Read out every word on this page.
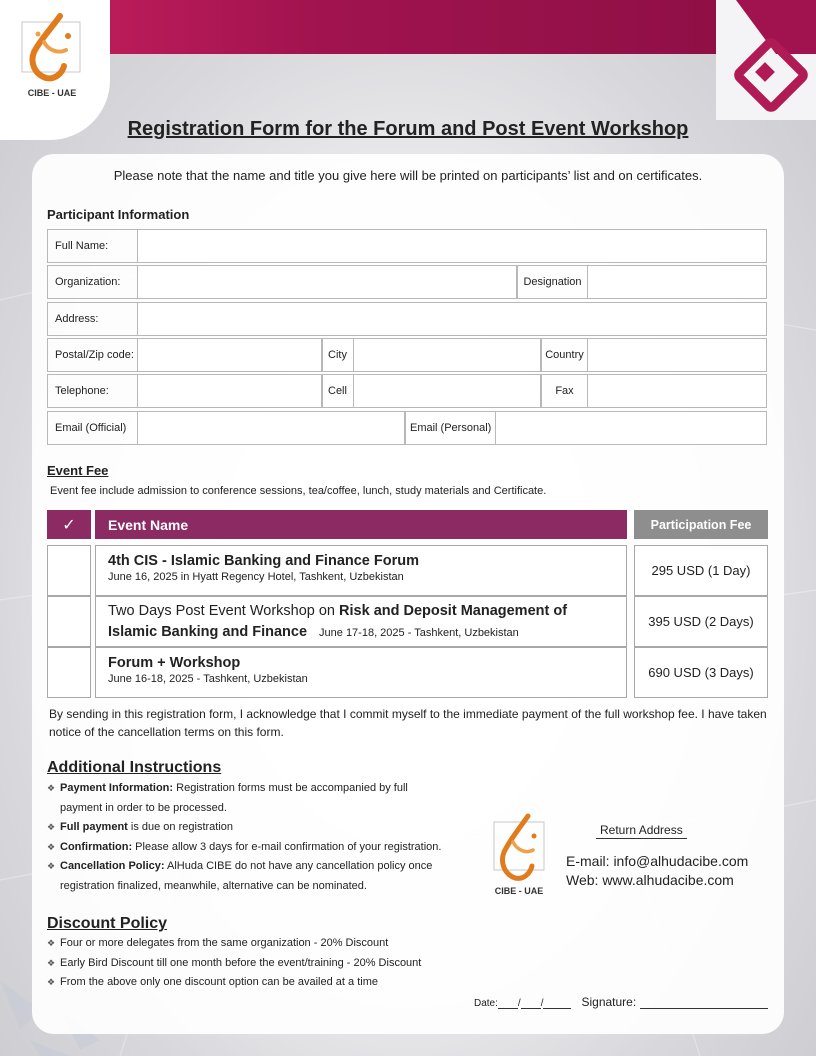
CIBE - UAE
Registration Form for the Forum and Post Event Workshop
Please note that the name and title you give here will be printed on participants’ list and on certificates.
Participant Information
Full Name:
Organization:	Designation
Address:
Postal/Zip code:	City	Country
Telephone:	Cell	Fax
Email (Official)	Email (Personal)
Event Fee
Event fee include admission to conference sessions, tea/coffee, lunch, study materials and Certificate.
✓	Event Name	Participation Fee
4th CIS - Islamic Banking and Finance Forum
June 16, 2025 in Hyatt Regency Hotel, Tashkent, Uzbekistan	295 USD (1 Day)
Two Days Post Event Workshop on Risk and Deposit Management of
Islamic Banking and Finance June 17-18, 2025 - Tashkent, Uzbekistan
395 USD (2 Days)
Forum + Workshop
June 16-18, 2025 - Tashkent, Uzbekistan	690 USD (3 Days)
By sending in this registration form, I acknowledge that I commit myself to the immediate payment of the full workshop fee. I have taken notice of the cancellation terms on this form.
Additional Instructions
❖ Payment Information: Registration forms must be accompanied by full
payment in order to be processed.
❖ Full payment is due on registration
❖ Confirmation: Please allow 3 days for e-mail confirmation of your registration.
❖ Cancellation Policy: AlHuda CIBE do not have any cancellation policy once
registration finalized, meanwhile, alternative can be nominated.	CIBE - UAE
Return Address
E-mail: info@alhudacibe.com
Web: www.alhudacibe.com
Discount Policy
❖ Four or more delegates from the same organization - 20% Discount
❖ Early Bird Discount till one month before the event/training - 20% Discount
❖ From the above only one discount option can be availed at a time
Date: / /	Signature:
